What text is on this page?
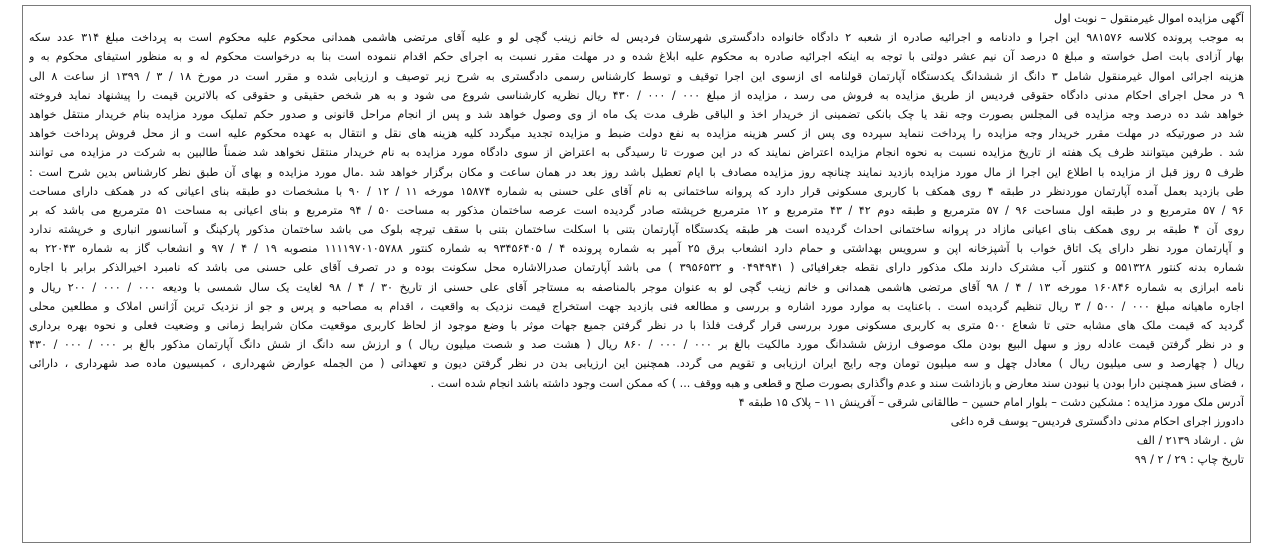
آگهی مزایده اموال غیرمنقول – نوبت اول
به موجب پرونده کلاسه ۹۸۱۵۷۶ این اجرا و دادنامه و اجرائیه صادره از شعبه ۲ دادگاه خانواده دادگستری شهرستان فردیس له خانم زینب گچی لو و علیه آقای مرتضی هاشمی همدانی محکوم علیه محکوم است به پرداخت مبلغ ۳۱۴ عدد سکه
بهار آزادی بابت اصل خواسته و مبلغ ۵ درصد آن نیم عشر دولتی با توجه به اینکه اجرائیه صادره به محکوم علیه ابلاغ شده و در مهلت مقرر نسبت به اجرای حکم اقدام ننموده است بنا به درخواست محکوم له و به منظور استیفای محکوم به و
هزینه اجرائی اموال غیرمنقول شامل ۳ دانگ از ششدانگ یکدستگاه آپارتمان قولنامه ای ازسوی این اجرا توقیف و توسط کارشناس رسمی دادگستری به شرح زیر توصیف و ارزیابی شده و مقرر است در مورخ ۱۸ / ۳ / ۱۳۹۹ از ساعت ۸ الی
۹ در محل اجرای احکام مدنی دادگاه حقوقی فردیس از طریق مزایده به فروش می رسد ، مزایده از مبلغ ۰۰۰ / ۰۰۰ / ۴۳۰ ریال نظریه کارشناسی شروع می شود و به هر شخص حقیقی و حقوقی که بالاترین قیمت را پیشنهاد نماید فروخته
خواهد شد ده درصد وجه مزایده فی المجلس بصورت وجه نقد یا چک بانکی تضمینی از خریدار اخذ و الباقی ظرف مدت یک ماه از وی وصول خواهد شد و پس از انجام مراحل قانونی و صدور حکم تملیک مورد مزایده بنام خریدار منتقل خواهد
شد در صورتیکه در مهلت مقرر خریدار وجه مزایده را پرداخت ننماید سپرده وی پس از کسر هزینه مزایده به نفع دولت ضبط و مزایده تجدید میگردد کلیه هزینه های نقل و انتقال به عهده محکوم علیه است و از محل فروش پرداخت خواهد
شد . طرفین میتوانند ظرف یک هفته از تاریخ مزایده نسبت به نحوه انجام مزایده اعتراض نمایند که در این صورت تا رسیدگی به اعتراض از سوی دادگاه مورد مزایده به نام خریدار منتقل نخواهد شد ضمناً طالبین به شرکت در مزایده می توانند
ظرف ۵ روز قبل از مزایده با اطلاع این اجرا از مال مورد مزایده بازدید نمایند چنانچه روز مزایده مصادف با ایام تعطیل باشد روز بعد در همان ساعت و مکان برگزار خواهد شد .مال مورد مزایده و بهای آن طبق نظر کارشناس بدین شرح است :
طی بازدید بعمل آمده آپارتمان موردنظر در طبقه ۴ روی همکف با کاربری مسکونی قرار دارد که پروانه ساختمانی به نام آقای علی حسنی به شماره ۱۵۸۷۴ مورخه ۱۱ / ۱۲ / ۹۰ با مشخصات دو طبقه بنای اعیانی که در همکف دارای مساحت
۹۶ / ۵۷ مترمربع و در طبقه اول مساحت ۹۶ / ۵۷ مترمربع و طبقه دوم ۴۲ / ۴۳ مترمربع و ۱۲ مترمربع خرپشته صادر گردیده است عرصه ساختمان مذکور به مساحت ۵۰ / ۹۴ مترمربع و بنای اعیانی به مساحت ۵۱ مترمربع می باشد که بر
روی آن ۴ طبقه بر روی همکف بنای اعیانی مازاد در پروانه ساختمانی احداث گردیده است هر طبقه یکدستگاه آپارتمان بتنی با اسکلت ساختمان بتنی با سقف تیرچه بلوک می باشد ساختمان مذکور پارکینگ و آسانسور انباری و خرپشته ندارد
و آپارتمان مورد نظر دارای یک اتاق خواب با آشپزخانه اپن و سرویس بهداشتی و حمام دارد انشعاب برق ۲۵ آمپر به شماره پرونده ۴ / ۹۳۴۵۶۴۰۵ به شماره کنتور ۱۱۱۱۹۷۰۱۰۵۷۸۸ منصوبه ۱۹ / ۴ / ۹۷ و انشعاب گاز به شماره ۲۲۰۴۳ به
شماره بدنه کنتور ۵۵۱۳۲۸ و کنتور آب مشترک دارند ملک مذکور دارای نقطه جغرافیائی ( ۰۴۹۴۹۴۱ و ۳۹۵۶۵۳۲ ) می باشد آپارتمان صدرالاشاره محل سکونت بوده و در تصرف آقای علی حسنی می باشد که نامبرد اخیرالذکر برابر با اجاره
نامه ابرازی به شماره ۱۶۰۸۴۶ مورخه ۱۳ / ۴ / ۹۸ آقای مرتضی هاشمی همدانی و خانم زینب گچی لو به عنوان موجر بالمناصفه به مستاجر آقای علی حسنی از تاریخ ۳۰ / ۴ / ۹۸ لغایت یک سال شمسی با ودیعه ۰۰۰ / ۰۰۰ / ۲۰۰ ریال و
اجاره ماهیانه مبلغ ۰۰۰ / ۵۰۰ / ۳ ریال تنظیم گردیده است . باعنایت به موارد مورد اشاره و بررسی و مطالعه فنی بازدید جهت استخراج قیمت نزدیک به واقعیت ، اقدام به مصاحبه و پرس و جو از نزدیک ترین آژانس املاک و مطلعین محلی
گردید که قیمت ملک های مشابه حتی تا شعاع ۵۰۰ متری به کاربری مسکونی مورد بررسی قرار گرفت فلذا با در نظر گرفتن جمیع جهات موثر با وضع موجود از لحاظ کاربری موقعیت مکان شرایط زمانی و وضعیت فعلی و نحوه بهره برداری
و در نظر گرفتن قیمت عادله روز و سهل البیع بودن ملک موصوف ارزش ششدانگ مورد مالکیت بالغ بر ۰۰۰ / ۰۰۰ / ۸۶۰ ریال ( هشت صد و شصت میلیون ریال ) و ارزش سه دانگ از شش دانگ آپارتمان مذکور بالغ بر ۰۰۰ / ۰۰۰ / ۴۳۰
ریال ( چهارصد و سی میلیون ریال ) معادل چهل و سه میلیون تومان وجه رایج ایران ارزیابی و تقویم می گردد. همچنین این ارزیابی بدن در نظر گرفتن دیون و تعهداتی ( من الجمله عوارض شهرداری ، کمیسیون ماده صد شهرداری ، دارائی
، فضای سبز همچنین دارا بودن یا نبودن سند معارض و بازداشت سند و عدم واگذاری بصورت صلح و قطعی و هبه ووقف ... ) که ممکن است وجود داشته باشد انجام شده است .
آدرس ملک مورد مزایده : مشکین دشت – بلوار امام حسین – طالقانی شرقی – آفرینش ۱۱ – پلاک ۱۵ طبقه ۴
دادورز اجرای احکام مدنی دادگستری فردیس– یوسف قره داغی
ش . ارشاد ۲۱۳۹ / الف
تاریخ چاپ : ۲۹ / ۲ / ۹۹
